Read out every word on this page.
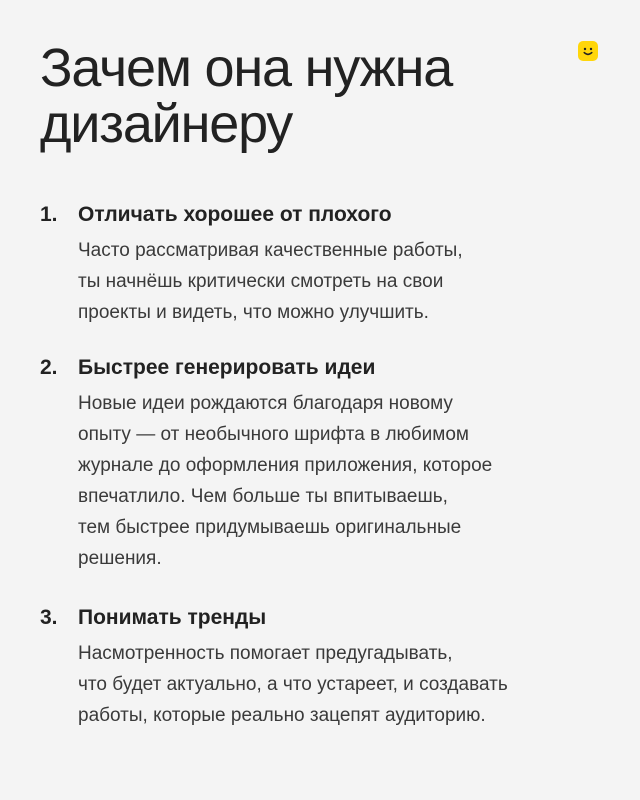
Зачем она нужна
дизайнеру
1. Отличать хорошее от плохого
Часто рассматривая качественные работы,
ты начнёшь критически смотреть на свои
проекты и видеть, что можно улучшить.
2. Быстрее генерировать идеи
Новые идеи рождаются благодаря новому
опыту — от необычного шрифта в любимом
журнале до оформления приложения, которое
впечатлило. Чем больше ты впитываешь,
тем быстрее придумываешь оригинальные
решения.
3. Понимать тренды
Насмотренность помогает предугадывать,
что будет актуально, а что устареет, и создавать
работы, которые реально зацепят аудиторию.
